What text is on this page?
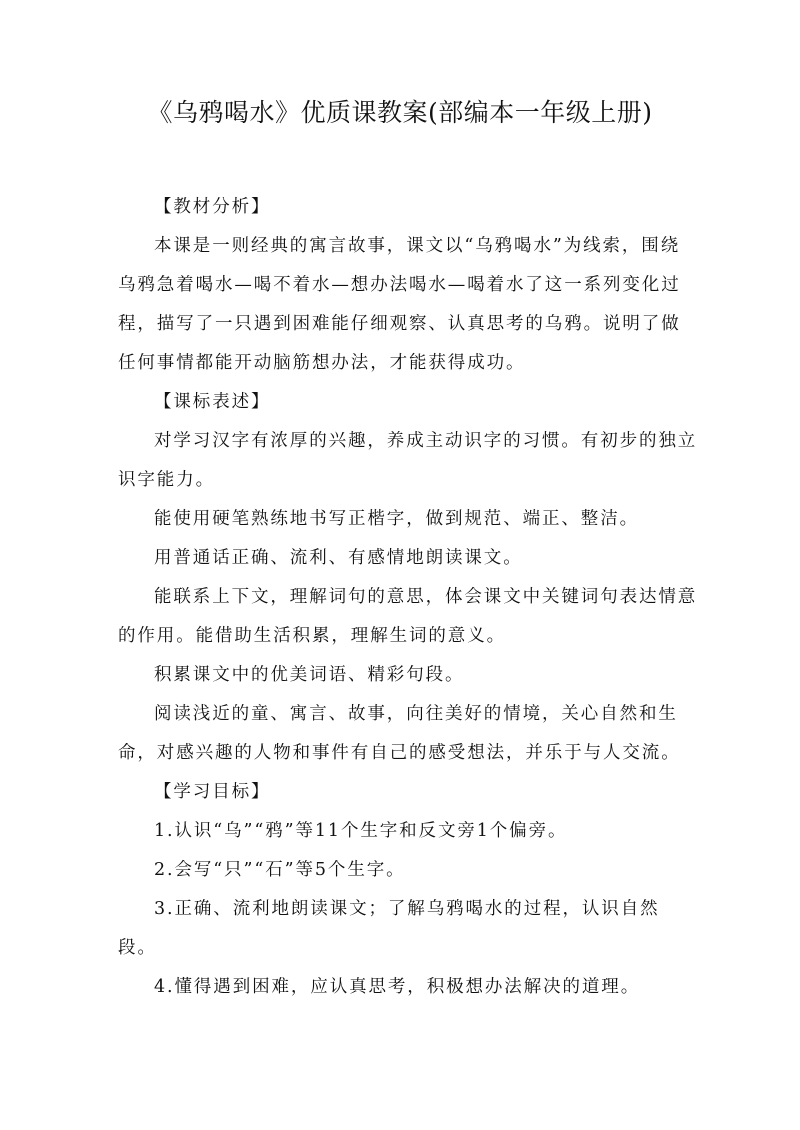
《乌鸦喝水》优质课教案(部编本一年级上册)

【教材分析】

本课是一则经典的寓言故事，课文以“乌鸦喝水”为线索，围绕乌鸦急着喝水—喝不着水—想办法喝水—喝着水了这一系列变化过程，描写了一只遇到困难能仔细观察、认真思考的乌鸦。说明了做任何事情都能开动脑筋想办法，才能获得成功。

【课标表述】

对学习汉字有浓厚的兴趣，养成主动识字的习惯。有初步的独立识字能力。

能使用硬笔熟练地书写正楷字，做到规范、端正、整洁。

用普通话正确、流利、有感情地朗读课文。

能联系上下文，理解词句的意思，体会课文中关键词句表达情意的作用。能借助生活积累，理解生词的意义。

积累课文中的优美词语、精彩句段。

阅读浅近的童、寓言、故事，向往美好的情境，关心自然和生命，对感兴趣的人物和事件有自己的感受想法，并乐于与人交流。

【学习目标】

1.认识“乌”“鸦”等11个生字和反文旁1个偏旁。

2.会写“只”“石”等5个生字。

3.正确、流利地朗读课文；了解乌鸦喝水的过程，认识自然段。

4.懂得遇到困难，应认真思考，积极想办法解决的道理。
